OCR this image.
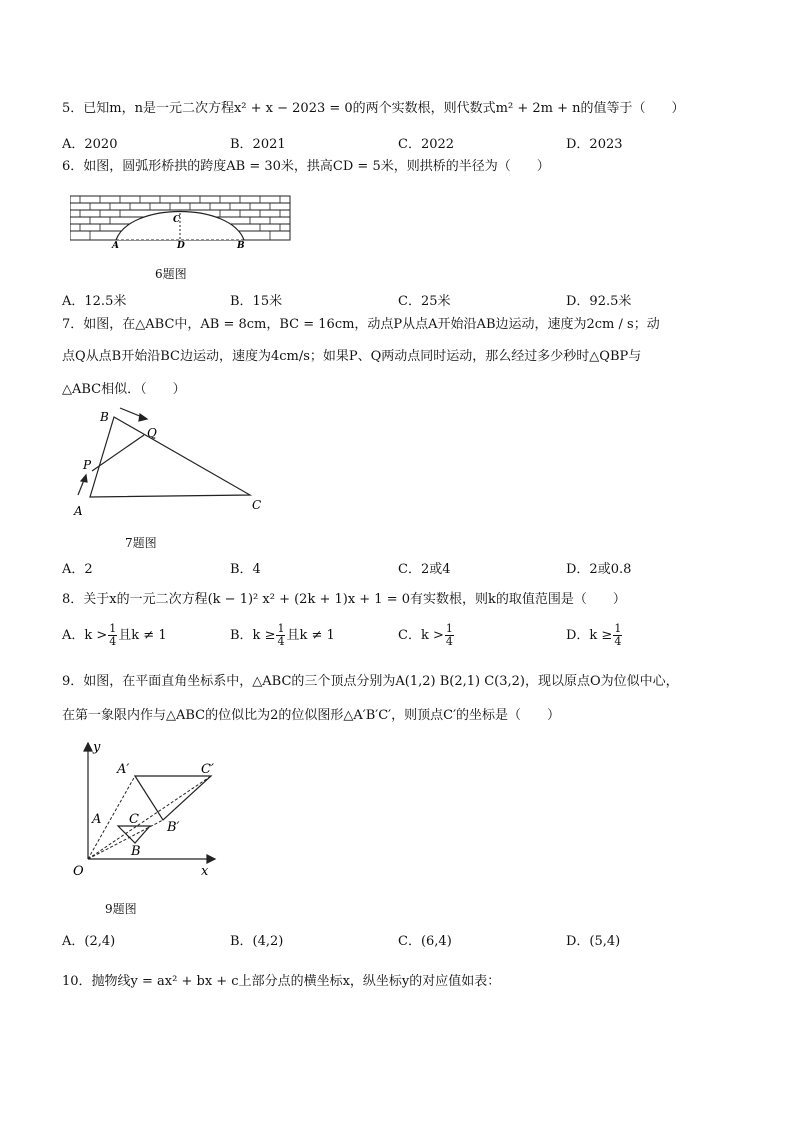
5．已知m，n是一元二次方程x² + x − 2023 = 0的两个实数根，则代数式m² + 2m + n的值等于（　　）
A．2020	B．2021	C．2022	D．2023
6．如图，圆弧形桥拱的跨度AB = 30米，拱高CD = 5米，则拱桥的半径为（　　）
C
A	D	B
6题图
A．12.5米	B．15米	C．25米	D．92.5米
7．如图，在△ABC中，AB = 8cm，BC = 16cm，动点P从点A开始沿AB边运动，速度为2cm / s；动
点Q从点B开始沿BC边运动，速度为4cm/s；如果P、Q两动点同时运动，那么经过多少秒时△QBP与
△ABC相似．（　　）
B
Q
P
A	C
7题图
A．2	B．4	C．2或4	D．2或0.8
8．关于x的一元二次方程(k − 1)² x² + (2k + 1)x + 1 = 0有实数根，则k的取值范围是（　　）
A．$k > \frac{1}{4}$ 且k ≠ 1	B．$k \ge \frac{1}{4}$ 且k ≠ 1	C．$k > \frac{1}{4}$	D．$k \ge \frac{1}{4}$
9．如图，在平面直角坐标系中，△ABC的三个顶点分别为A(1,2) B(2,1) C(3,2)，现以原点O为位似中心，
在第一象限内作与△ABC的位似比为2的位似图形△A′B′C′，则顶点C′的坐标是（　　）
y
x
O
A
B
C
A′
B′
C′
9题图
A．(2,4)	B．(4,2)	C．(6,4)	D．(5,4)
10．抛物线y = ax² + bx + c上部分点的横坐标x，纵坐标y的对应值如表：
